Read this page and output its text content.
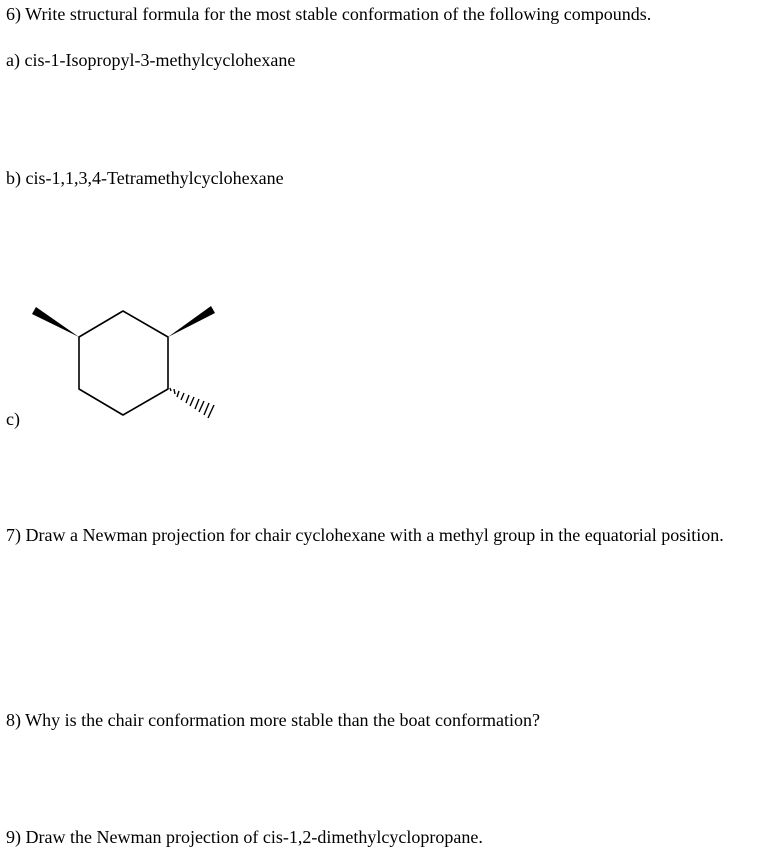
6) Write structural formula for the most stable conformation of the following compounds.
a) cis-1-Isopropyl-3-methylcyclohexane
b) cis-1,1,3,4-Tetramethylcyclohexane
c)
7) Draw a Newman projection for chair cyclohexane with a methyl group in the equatorial position.
8) Why is the chair conformation more stable than the boat conformation?
9) Draw the Newman projection of cis-1,2-dimethylcyclopropane.
